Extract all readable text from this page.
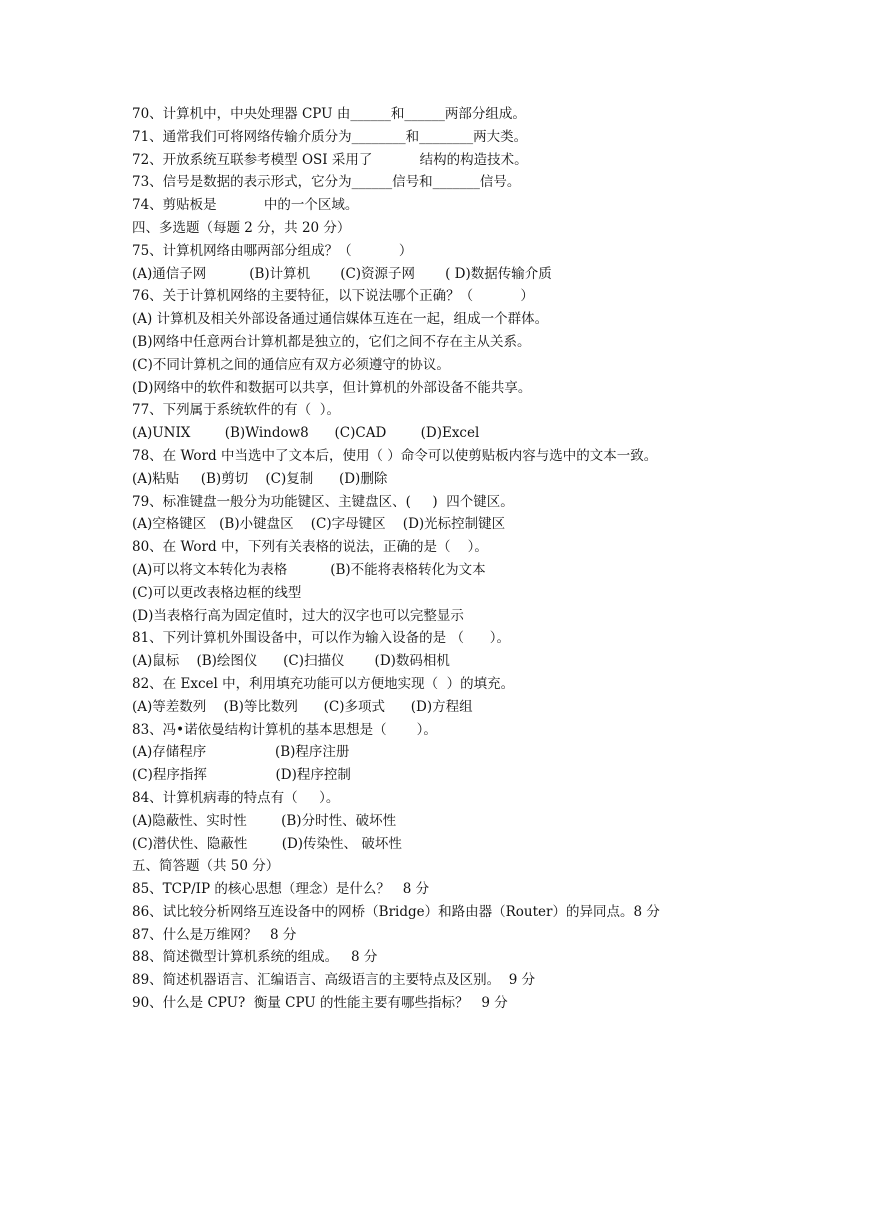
70、计算机中，中央处理器 CPU 由______和______两部分组成。
71、通常我们可将网络传输介质分为________和________两大类。
72、开放系统互联参考模型 OSI 采用了           结构的构造技术。
73、信号是数据的表示形式，它分为______信号和_______信号。
74、剪贴板是           中的一个区域。
四、多选题（每题 2 分，共 20 分）
75、计算机网络由哪两部分组成？（           ）
(A)通信子网          (B)计算机       (C)资源子网       ( D)数据传输介质
76、关于计算机网络的主要特征，以下说法哪个正确？（           ）
(A) 计算机及相关外部设备通过通信媒体互连在一起，组成一个群体。
(B)网络中任意两台计算机都是独立的，它们之间不存在主从关系。
(C)不同计算机之间的通信应有双方必须遵守的协议。
(D)网络中的软件和数据可以共享，但计算机的外部设备不能共享。
77、下列属于系统软件的有（  ）。
(A)UNIX        (B)Window8      (C)CAD        (D)Excel
78、在 Word 中当选中了文本后，使用（ ）命令可以使剪贴板内容与选中的文本一致。
(A)粘贴     (B)剪切    (C)复制      (D)删除
79、标准键盘一般分为功能键区、主键盘区、(     )  四个键区。
(A)空格键区   (B)小键盘区    (C)字母键区    (D)光标控制键区
80、在 Word 中，下列有关表格的说法，正确的是（    ）。
(A)可以将文本转化为表格          (B)不能将表格转化为文本
(C)可以更改表格边框的线型
(D)当表格行高为固定值时，过大的汉字也可以完整显示
81、下列计算机外围设备中，可以作为输入设备的是 （      ）。
(A)鼠标    (B)绘图仪      (C)扫描仪       (D)数码相机
82、在 Excel 中，利用填充功能可以方便地实现（  ）的填充。
(A)等差数列    (B)等比数列      (C)多项式      (D)方程组
83、冯•诺依曼结构计算机的基本思想是（       ）。
(A)存储程序                (B)程序注册
(C)程序指挥                (D)程序控制
84、计算机病毒的特点有（     ）。
(A)隐蔽性、实时性        (B)分时性、破坏性
(C)潜伏性、隐蔽性        (D)传染性、 破坏性
五、简答题（共 50 分）
85、TCP/IP 的核心思想（理念）是什么？   8 分
86、试比较分析网络互连设备中的网桥（Bridge）和路由器（Router）的异同点。8 分
87、什么是万维网？   8 分
88、简述微型计算机系统的组成。   8 分
89、简述机器语言、汇编语言、高级语言的主要特点及区别。  9 分
90、什么是 CPU?  衡量 CPU 的性能主要有哪些指标？   9 分
